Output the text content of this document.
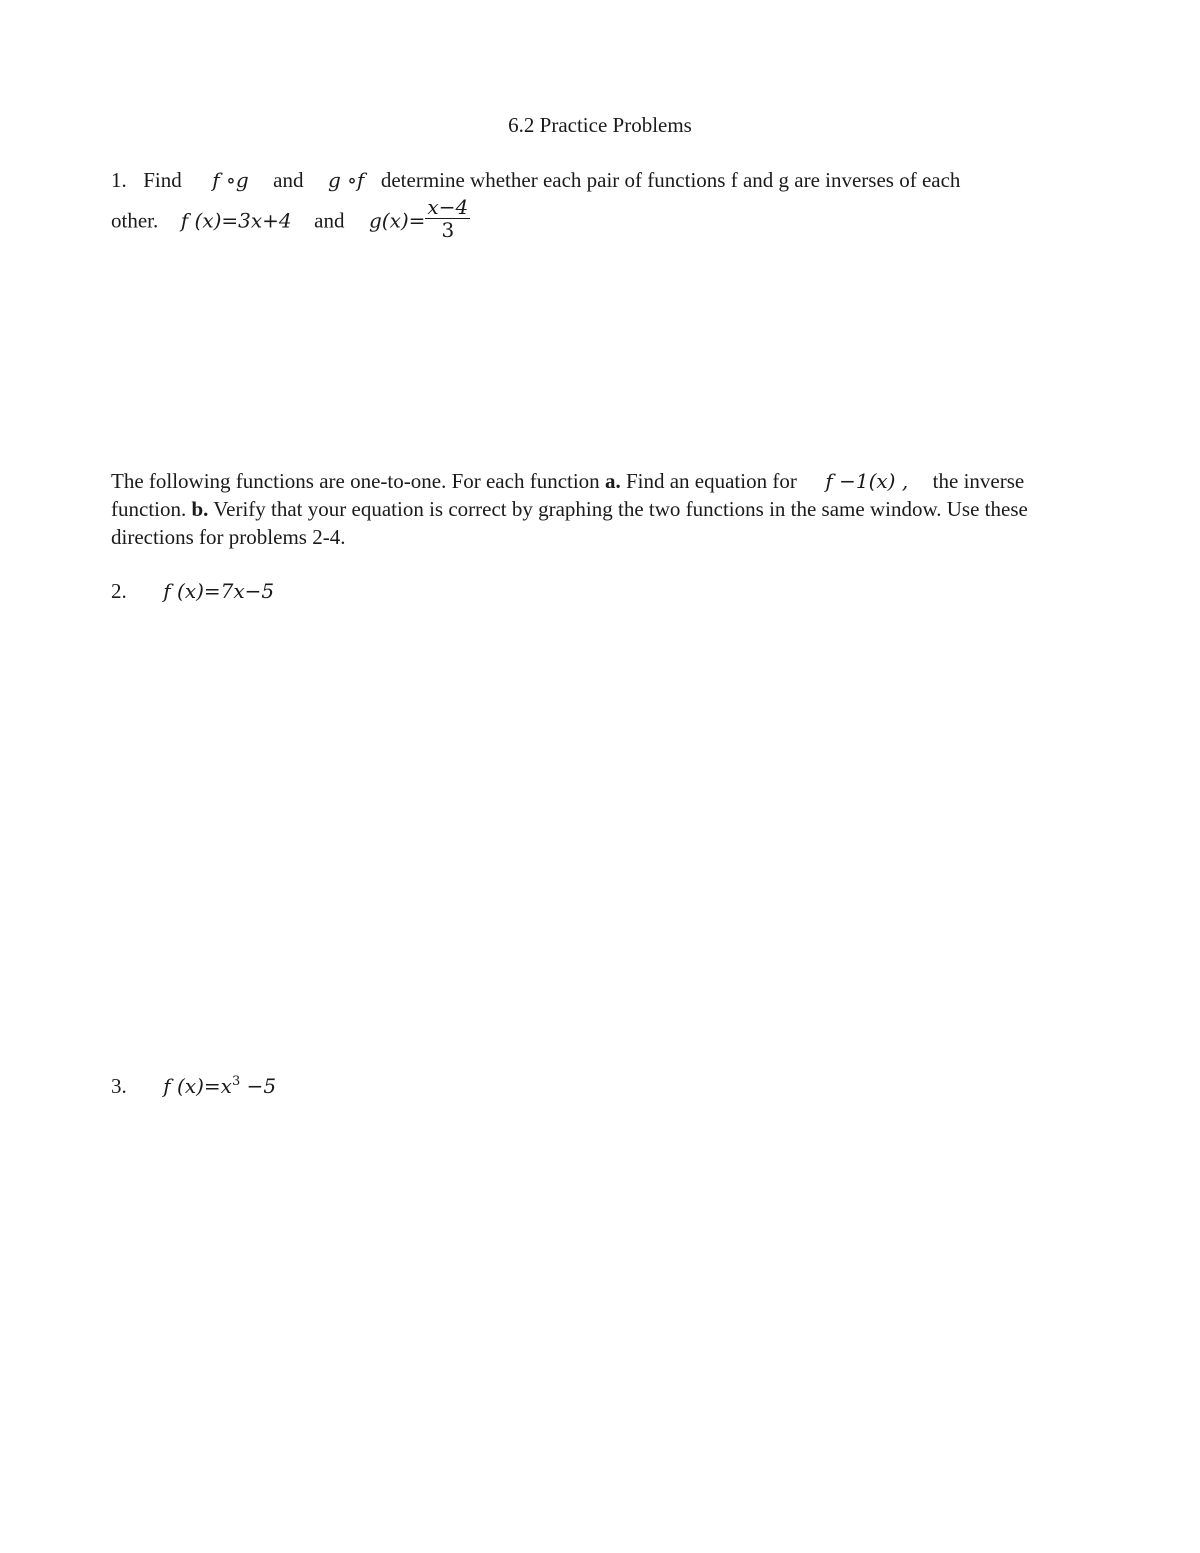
6.2 Practice Problems
1. Find f ∘g and g ∘f determine whether each pair of functions f and g are inverses of each
other. f (x)=3x+4 and $g(x)= \frac{x-4}{3}$
The following functions are one-to-one. For each function a. Find an equation for f −1(x) , the inverse function. b. Verify that your equation is correct by graphing the two functions in the same window. Use these directions for problems 2-4.
2. f (x)=7x−5
3. f $(x)=x^3 -5$
